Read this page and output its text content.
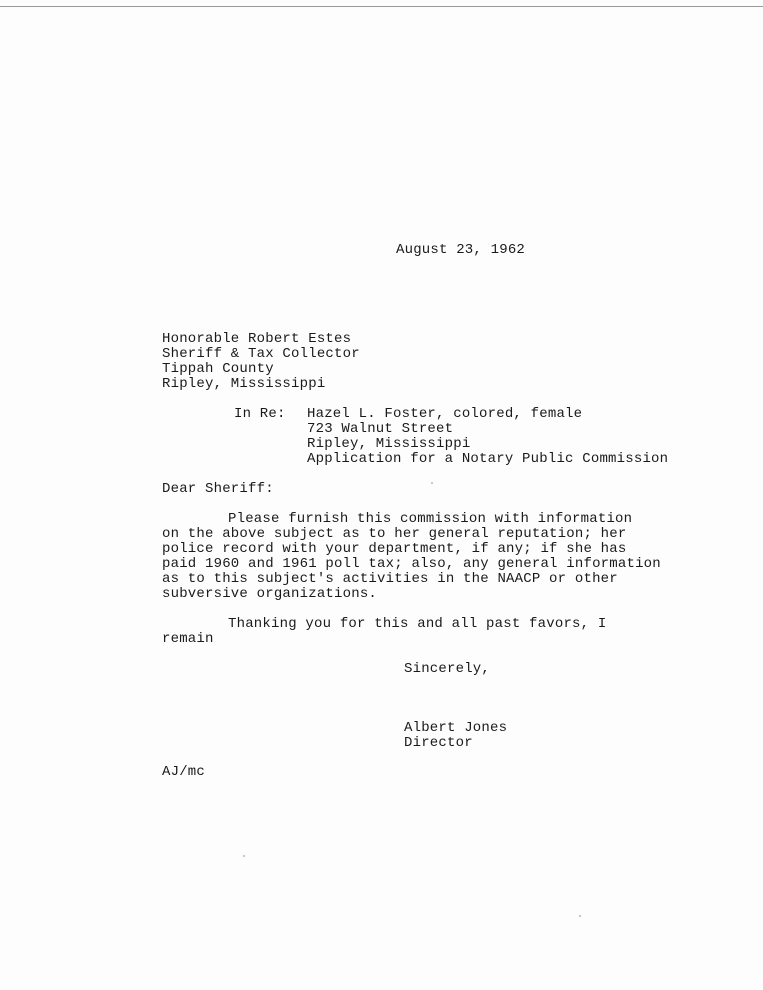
August 23, 1962
Honorable Robert Estes
Sheriff & Tax Collector
Tippah County
Ripley, Mississippi
In Re: Hazel L. Foster, colored, female
723 Walnut Street
Ripley, Mississippi
Application for a Notary Public Commission
Dear Sheriff:
Please furnish this commission with information
on the above subject as to her general reputation; her
police record with your department, if any; if she has
paid 1960 and 1961 poll tax; also, any general information
as to this subject's activities in the NAACP or other
subversive organizations.
Thanking you for this and all past favors, I
remain
Sincerely,
Albert Jones
Director
AJ/mc
